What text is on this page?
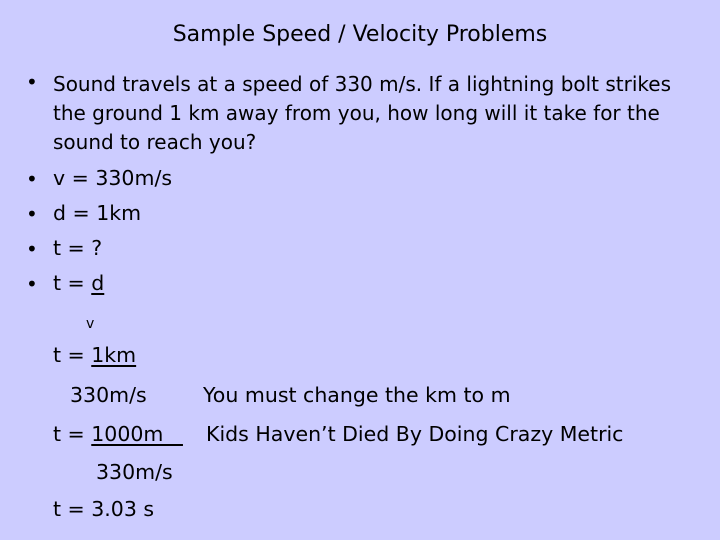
Sample Speed / Velocity Problems
• Sound travels at a speed of 330 m/s. If a lightning bolt strikes the ground 1 km away from you, how long will it take for the sound to reach you?
• v = 330m/s
• d = 1km
• t = ?
• t = d
v
t = 1km
330m/s	You must change the km to m
t = 1000m Kids Haven’t Died By Doing Crazy Metric
330m/s
t = 3.03 s
